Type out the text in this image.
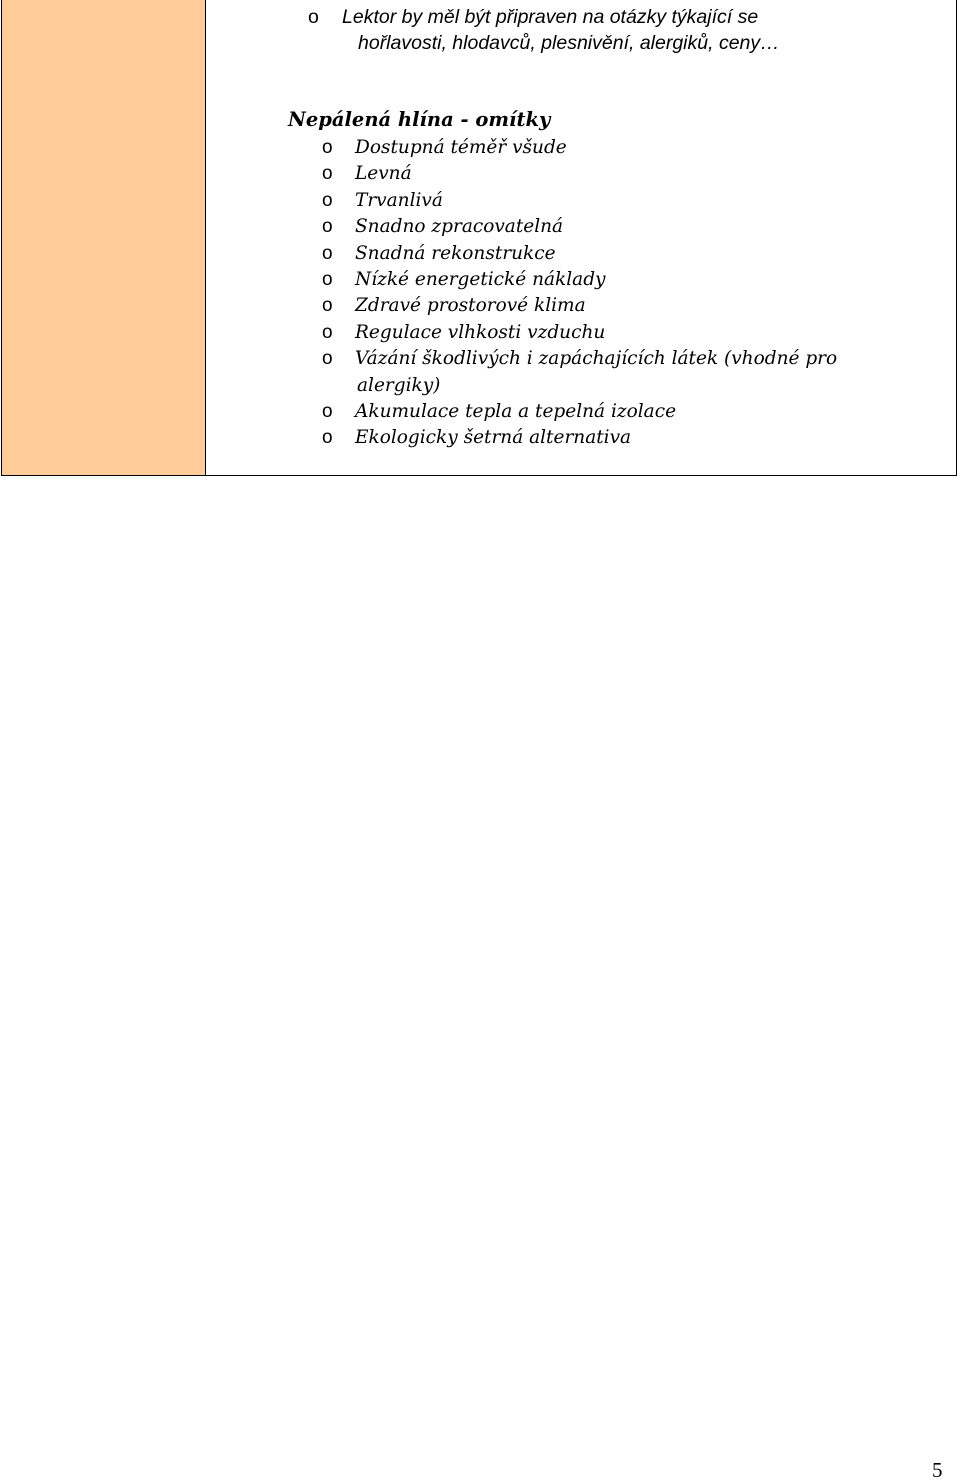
o Lektor by měl být připraven na otázky týkající se
hořlavosti, hlodavců, plesnivění, alergiků, ceny…
Nepálená hlína - omítky
o Dostupná téměř všude
o Levná
o Trvanlivá
o Snadno zpracovatelná
o Snadná rekonstrukce
o Nízké energetické náklady
o Zdravé prostorové klima
o Regulace vlhkosti vzduchu
o Vázání škodlivých i zapáchajících látek (vhodné pro
alergiky)
o Akumulace tepla a tepelná izolace
o Ekologicky šetrná alternativa
5
